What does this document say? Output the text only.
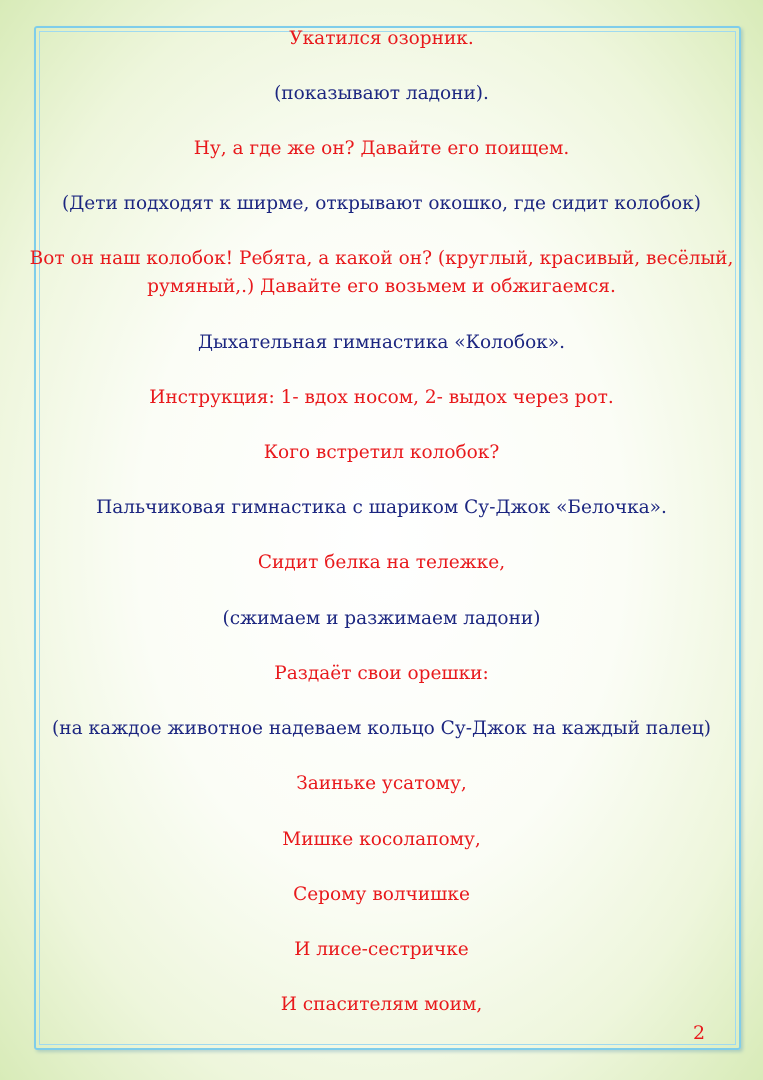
Укатился озорник.
(показывают ладони).
Ну, а где же он? Давайте его поищем.
(Дети подходят к ширме, открывают окошко, где сидит колобок)
Вот он наш колобок! Ребята, а какой он? (круглый, красивый, весёлый,
румяный,.) Давайте его возьмем и обжигаемся.
Дыхательная гимнастика «Колобок».
Инструкция: 1- вдох носом, 2- выдох через рот.
Кого встретил колобок?
Пальчиковая гимнастика с шариком Су-Джок «Белочка».
Сидит белка на тележке,
(сжимаем и разжимаем ладони)
Раздаёт свои орешки:
(на каждое животное надеваем кольцо Су-Джок на каждый палец)
Заиньке усатому,
Мишке косолапому,
Серому волчишке
И лисе-сестричке
И спасителям моим,
2
